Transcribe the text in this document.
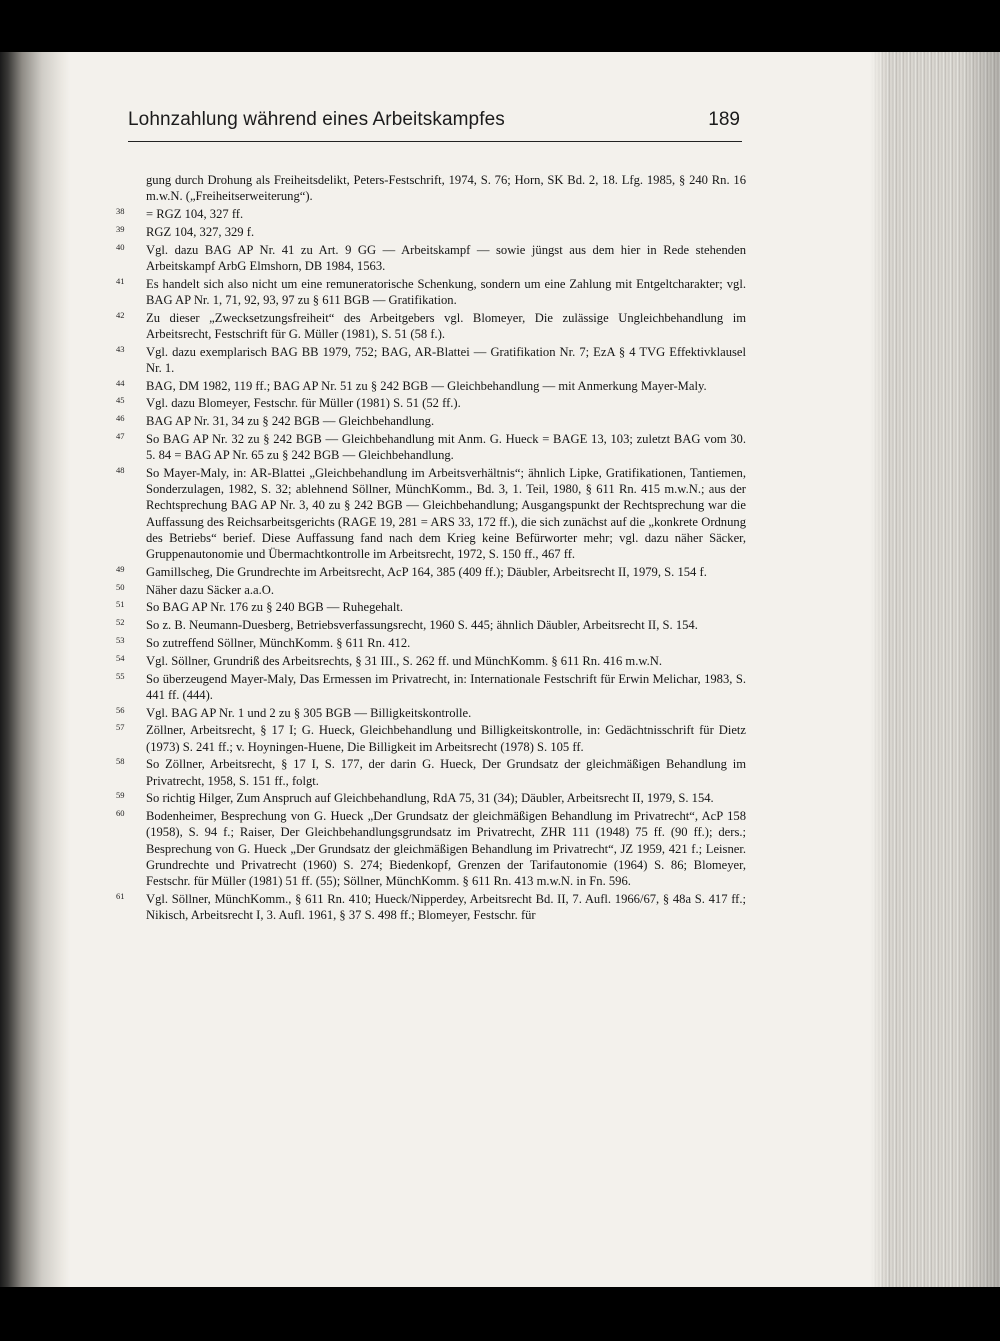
Lohnzahlung während eines Arbeitskampfes	189
gung durch Drohung als Freiheitsdelikt, Peters-Festschrift, 1974, S. 76; Horn, SK Bd. 2, 18. Lfg. 1985, § 240 Rn. 16 m.w.N. („Freiheitserweiterung“).
38	= RGZ 104, 327 ff.
39	RGZ 104, 327, 329 f.
40	Vgl. dazu BAG AP Nr. 41 zu Art. 9 GG — Arbeitskampf — sowie jüngst aus dem hier in Rede stehenden Arbeitskampf ArbG Elmshorn, DB 1984, 1563.
41	Es handelt sich also nicht um eine remuneratorische Schenkung, sondern um eine Zahlung mit Entgeltcharakter; vgl. BAG AP Nr. 1, 71, 92, 93, 97 zu § 611 BGB — Gratifikation.
42	Zu dieser „Zwecksetzungsfreiheit“ des Arbeitgebers vgl. Blomeyer, Die zulässige Ungleichbehandlung im Arbeitsrecht, Festschrift für G. Müller (1981), S. 51 (58 f.).
43	Vgl. dazu exemplarisch BAG BB 1979, 752; BAG, AR-Blattei — Gratifikation Nr. 7; EzA § 4 TVG Effektivklausel Nr. 1.
44	BAG, DM 1982, 119 ff.; BAG AP Nr. 51 zu § 242 BGB — Gleichbehandlung — mit Anmerkung Mayer-Maly.
45	Vgl. dazu Blomeyer, Festschr. für Müller (1981) S. 51 (52 ff.).
46	BAG AP Nr. 31, 34 zu § 242 BGB — Gleichbehandlung.
47	So BAG AP Nr. 32 zu § 242 BGB — Gleichbehandlung mit Anm. G. Hueck = BAGE 13, 103; zuletzt BAG vom 30. 5. 84 = BAG AP Nr. 65 zu § 242 BGB — Gleichbehandlung.
48	So Mayer-Maly, in: AR-Blattei „Gleichbehandlung im Arbeitsverhältnis“; ähnlich Lipke, Gratifikationen, Tantiemen, Sonderzulagen, 1982, S. 32; ablehnend Söllner, MünchKomm., Bd. 3, 1. Teil, 1980, § 611 Rn. 415 m.w.N.; aus der Rechtsprechung BAG AP Nr. 3, 40 zu § 242 BGB — Gleichbehandlung; Ausgangspunkt der Rechtsprechung war die Auffassung des Reichsarbeitsgerichts (RAGE 19, 281 = ARS 33, 172 ff.), die sich zunächst auf die „konkrete Ordnung des Betriebs“ berief. Diese Auffassung fand nach dem Krieg keine Befürworter mehr; vgl. dazu näher Säcker, Gruppenautonomie und Übermachtkontrolle im Arbeitsrecht, 1972, S. 150 ff., 467 ff.
49	Gamillscheg, Die Grundrechte im Arbeitsrecht, AcP 164, 385 (409 ff.); Däubler, Arbeitsrecht II, 1979, S. 154 f.
50	Näher dazu Säcker a.a.O.
51	So BAG AP Nr. 176 zu § 240 BGB — Ruhegehalt.
52	So z. B. Neumann-Duesberg, Betriebsverfassungsrecht, 1960 S. 445; ähnlich Däubler, Arbeitsrecht II, S. 154.
53	So zutreffend Söllner, MünchKomm. § 611 Rn. 412.
54	Vgl. Söllner, Grundriß des Arbeitsrechts, § 31 III., S. 262 ff. und MünchKomm. § 611 Rn. 416 m.w.N.
55	So überzeugend Mayer-Maly, Das Ermessen im Privatrecht, in: Internationale Festschrift für Erwin Melichar, 1983, S. 441 ff. (444).
56	Vgl. BAG AP Nr. 1 und 2 zu § 305 BGB — Billigkeitskontrolle.
57	Zöllner, Arbeitsrecht, § 17 I; G. Hueck, Gleichbehandlung und Billigkeitskontrolle, in: Gedächtnisschrift für Dietz (1973) S. 241 ff.; v. Hoyningen-Huene, Die Billigkeit im Arbeitsrecht (1978) S. 105 ff.
58	So Zöllner, Arbeitsrecht, § 17 I, S. 177, der darin G. Hueck, Der Grundsatz der gleichmäßigen Behandlung im Privatrecht, 1958, S. 151 ff., folgt.
59	So richtig Hilger, Zum Anspruch auf Gleichbehandlung, RdA 75, 31 (34); Däubler, Arbeitsrecht II, 1979, S. 154.
60	Bodenheimer, Besprechung von G. Hueck „Der Grundsatz der gleichmäßigen Behandlung im Privatrecht“, AcP 158 (1958), S. 94 f.; Raiser, Der Gleichbehandlungsgrundsatz im Privatrecht, ZHR 111 (1948) 75 ff. (90 ff.); ders.; Besprechung von G. Hueck „Der Grundsatz der gleichmäßigen Behandlung im Privatrecht“, JZ 1959, 421 f.; Leisner. Grundrechte und Privatrecht (1960) S. 274; Biedenkopf, Grenzen der Tarifautonomie (1964) S. 86; Blomeyer, Festschr. für Müller (1981) 51 ff. (55); Söllner, MünchKomm. § 611 Rn. 413 m.w.N. in Fn. 596.
61	Vgl. Söllner, MünchKomm., § 611 Rn. 410; Hueck/Nipperdey, Arbeitsrecht Bd. II, 7. Aufl. 1966/67, § 48a S. 417 ff.; Nikisch, Arbeitsrecht I, 3. Aufl. 1961, § 37 S. 498 ff.; Blomeyer, Festschr. für
